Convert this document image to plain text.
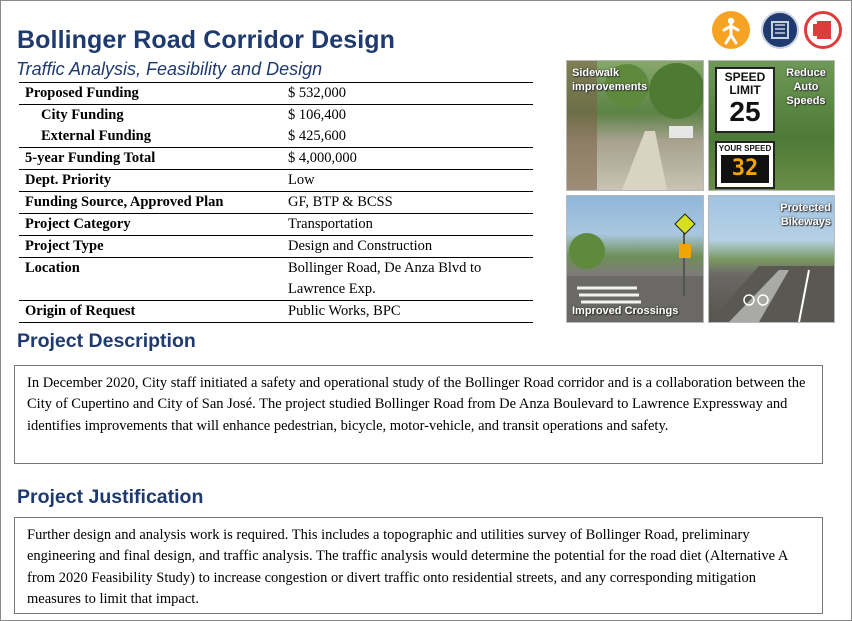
Bollinger Road Corridor Design
Traffic Analysis, Feasibility and Design
Proposed Funding	$ 532,000
City Funding	$ 106,400
External Funding	$ 425,600
5-year Funding Total	$ 4,000,000
Dept. Priority	Low
Funding Source, Approved Plan	GF, BTP & BCSS
Project Category	Transportation
Project Type	Design and Construction
Location	Bollinger Road, De Anza Blvd to Lawrence Exp.
Origin of Request	Public Works, BPC
Sidewalk improvements
SPEED
LIMIT
25
YOUR SPEED
32
Reduce Auto Speeds
Improved Crossings
Protected Bikeways
Project Description

In December 2020, City staff initiated a safety and operational study of the Bollinger Road corridor and is a collaboration between the City of Cupertino and City of San José. The project studied Bollinger Road from De Anza Boulevard to Lawrence Expressway and identifies improvements that will enhance pedestrian, bicycle, motor-vehicle, and transit operations and safety.

Project Justification

Further design and analysis work is required. This includes a topographic and utilities survey of Bollinger Road, preliminary engineering and final design, and traffic analysis. The traffic analysis would determine the potential for the road diet (Alternative A from 2020 Feasibility Study) to increase congestion or divert traffic onto residential streets, and any corresponding mitigation measures to limit that impact.
